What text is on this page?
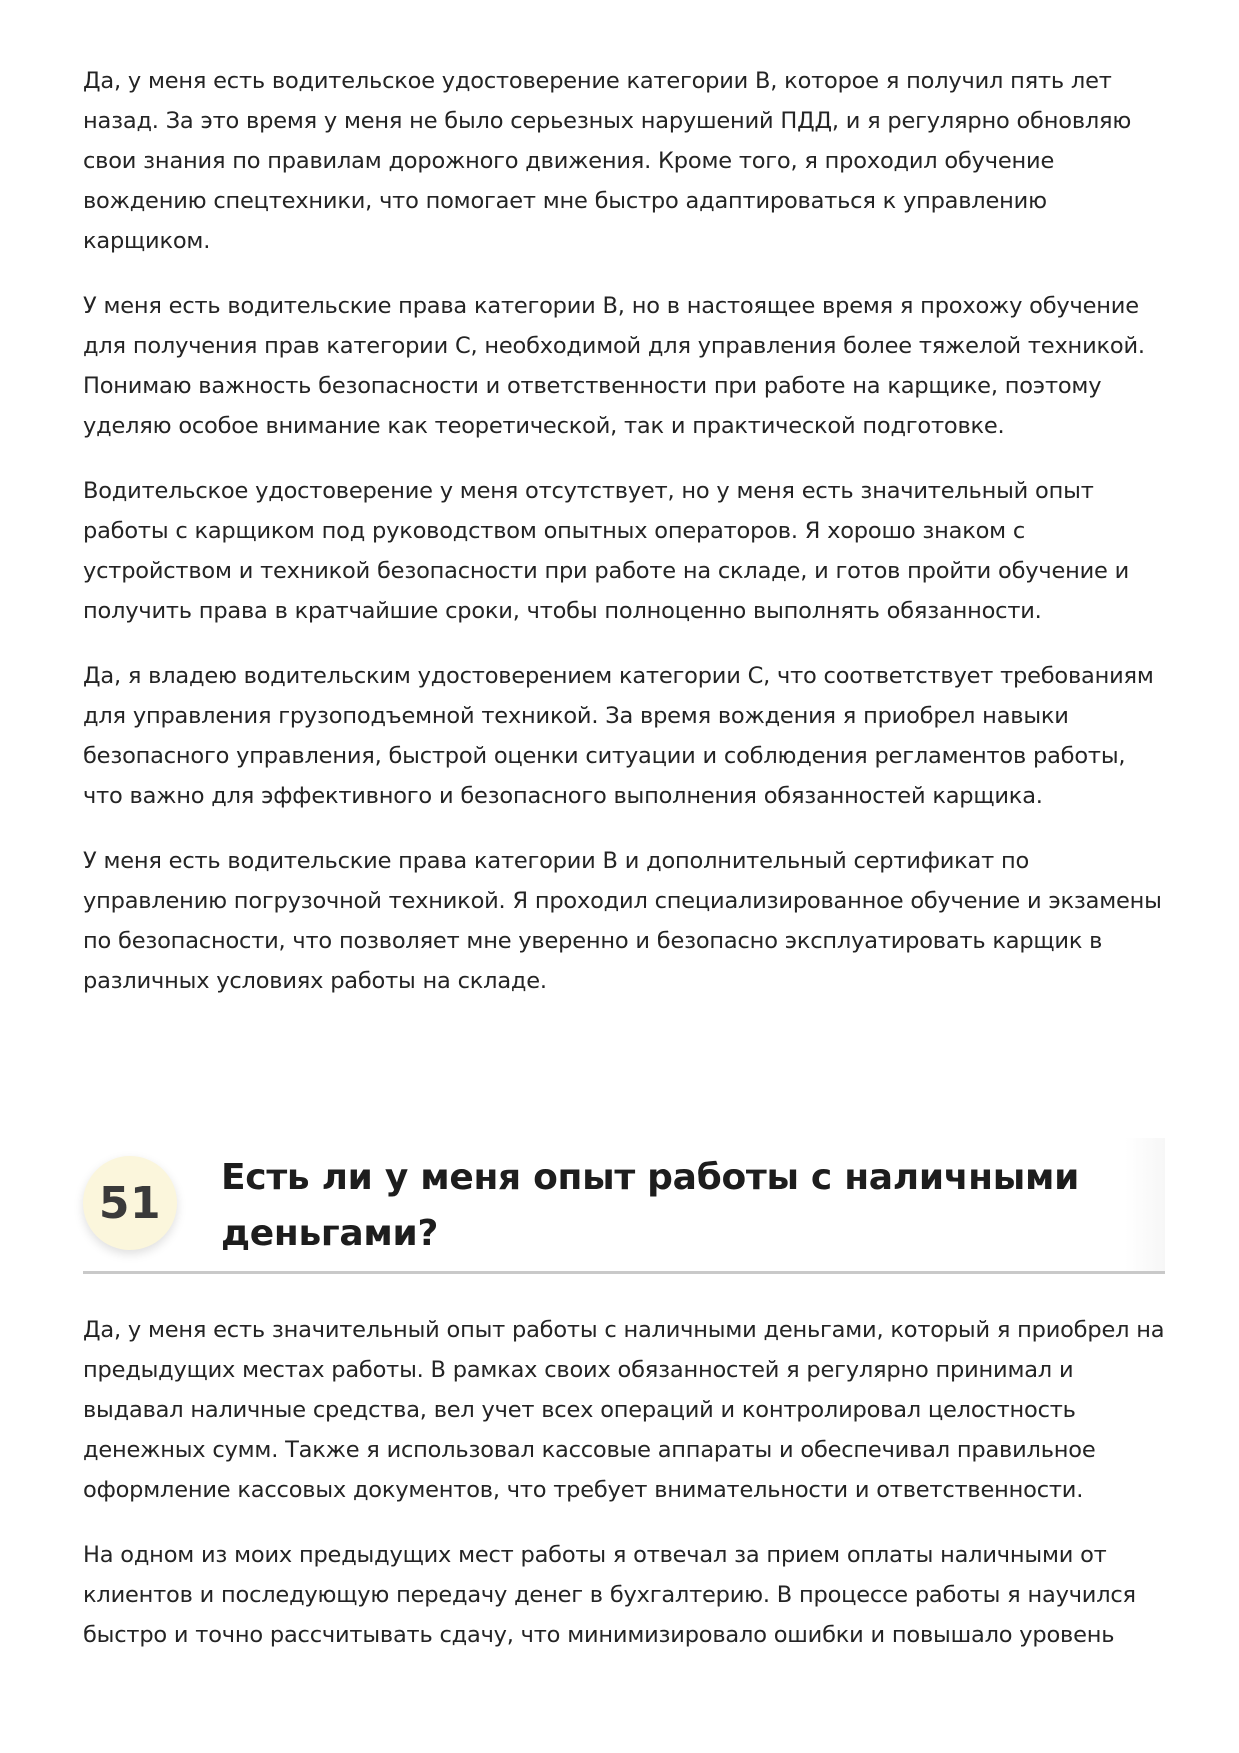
Да, у меня есть водительское удостоверение категории B, которое я получил пять лет назад. За это время у меня не было серьезных нарушений ПДД, и я регулярно обновляю свои знания по правилам дорожного движения. Кроме того, я проходил обучение вождению спецтехники, что помогает мне быстро адаптироваться к управлению карщиком.

У меня есть водительские права категории B, но в настоящее время я прохожу обучение для получения прав категории C, необходимой для управления более тяжелой техникой. Понимаю важность безопасности и ответственности при работе на карщике, поэтому уделяю особое внимание как теоретической, так и практической подготовке.

Водительское удостоверение у меня отсутствует, но у меня есть значительный опыт работы с карщиком под руководством опытных операторов. Я хорошо знаком с устройством и техникой безопасности при работе на складе, и готов пройти обучение и получить права в кратчайшие сроки, чтобы полноценно выполнять обязанности.

Да, я владею водительским удостоверением категории C, что соответствует требованиям для управления грузоподъемной техникой. За время вождения я приобрел навыки безопасного управления, быстрой оценки ситуации и соблюдения регламентов работы, что важно для эффективного и безопасного выполнения обязанностей карщика.

У меня есть водительские права категории B и дополнительный сертификат по управлению погрузочной техникой. Я проходил специализированное обучение и экзамены по безопасности, что позволяет мне уверенно и безопасно эксплуатировать карщик в различных условиях работы на складе.

51	Есть ли у меня опыт работы с наличными деньгами?

Да, у меня есть значительный опыт работы с наличными деньгами, который я приобрел на предыдущих местах работы. В рамках своих обязанностей я регулярно принимал и выдавал наличные средства, вел учет всех операций и контролировал целостность денежных сумм. Также я использовал кассовые аппараты и обеспечивал правильное оформление кассовых документов, что требует внимательности и ответственности.

На одном из моих предыдущих мест работы я отвечал за прием оплаты наличными от клиентов и последующую передачу денег в бухгалтерию. В процессе работы я научился быстро и точно рассчитывать сдачу, что минимизировало ошибки и повышало уровень
